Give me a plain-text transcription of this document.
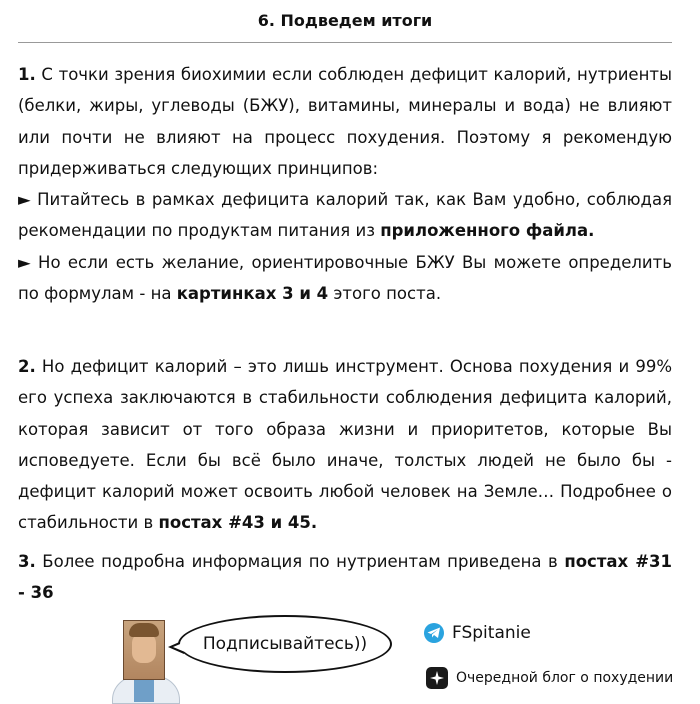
6. Подведем итоги

1. С точки зрения биохимии если соблюден дефицит калорий, нутриенты (белки, жиры, углеводы (БЖУ), витамины, минералы и вода) не влияют или почти не влияют на процесс похудения. Поэтому я рекомендую придерживаться следующих принципов:
► Питайтесь в рамках дефицита калорий так, как Вам удобно, соблюдая рекомендации по продуктам питания из приложенного файла.
► Но если есть желание, ориентировочные БЖУ Вы можете определить по формулам - на картинках 3 и 4 этого поста.

2. Но дефицит калорий – это лишь инструмент. Основа похудения и 99% его успеха заключаются в стабильности соблюдения дефицита калорий, которая зависит от того образа жизни и приоритетов, которые Вы исповедуете. Если бы всё было иначе, толстых людей не было бы - дефицит калорий может освоить любой человек на Земле… Подробнее о стабильности в постах #43 и 45.

3. Более подробна информация по нутриентам приведена в постах #31 - 36

Подписывайтесь))
FSpitanie
Очередной блог о похудении
